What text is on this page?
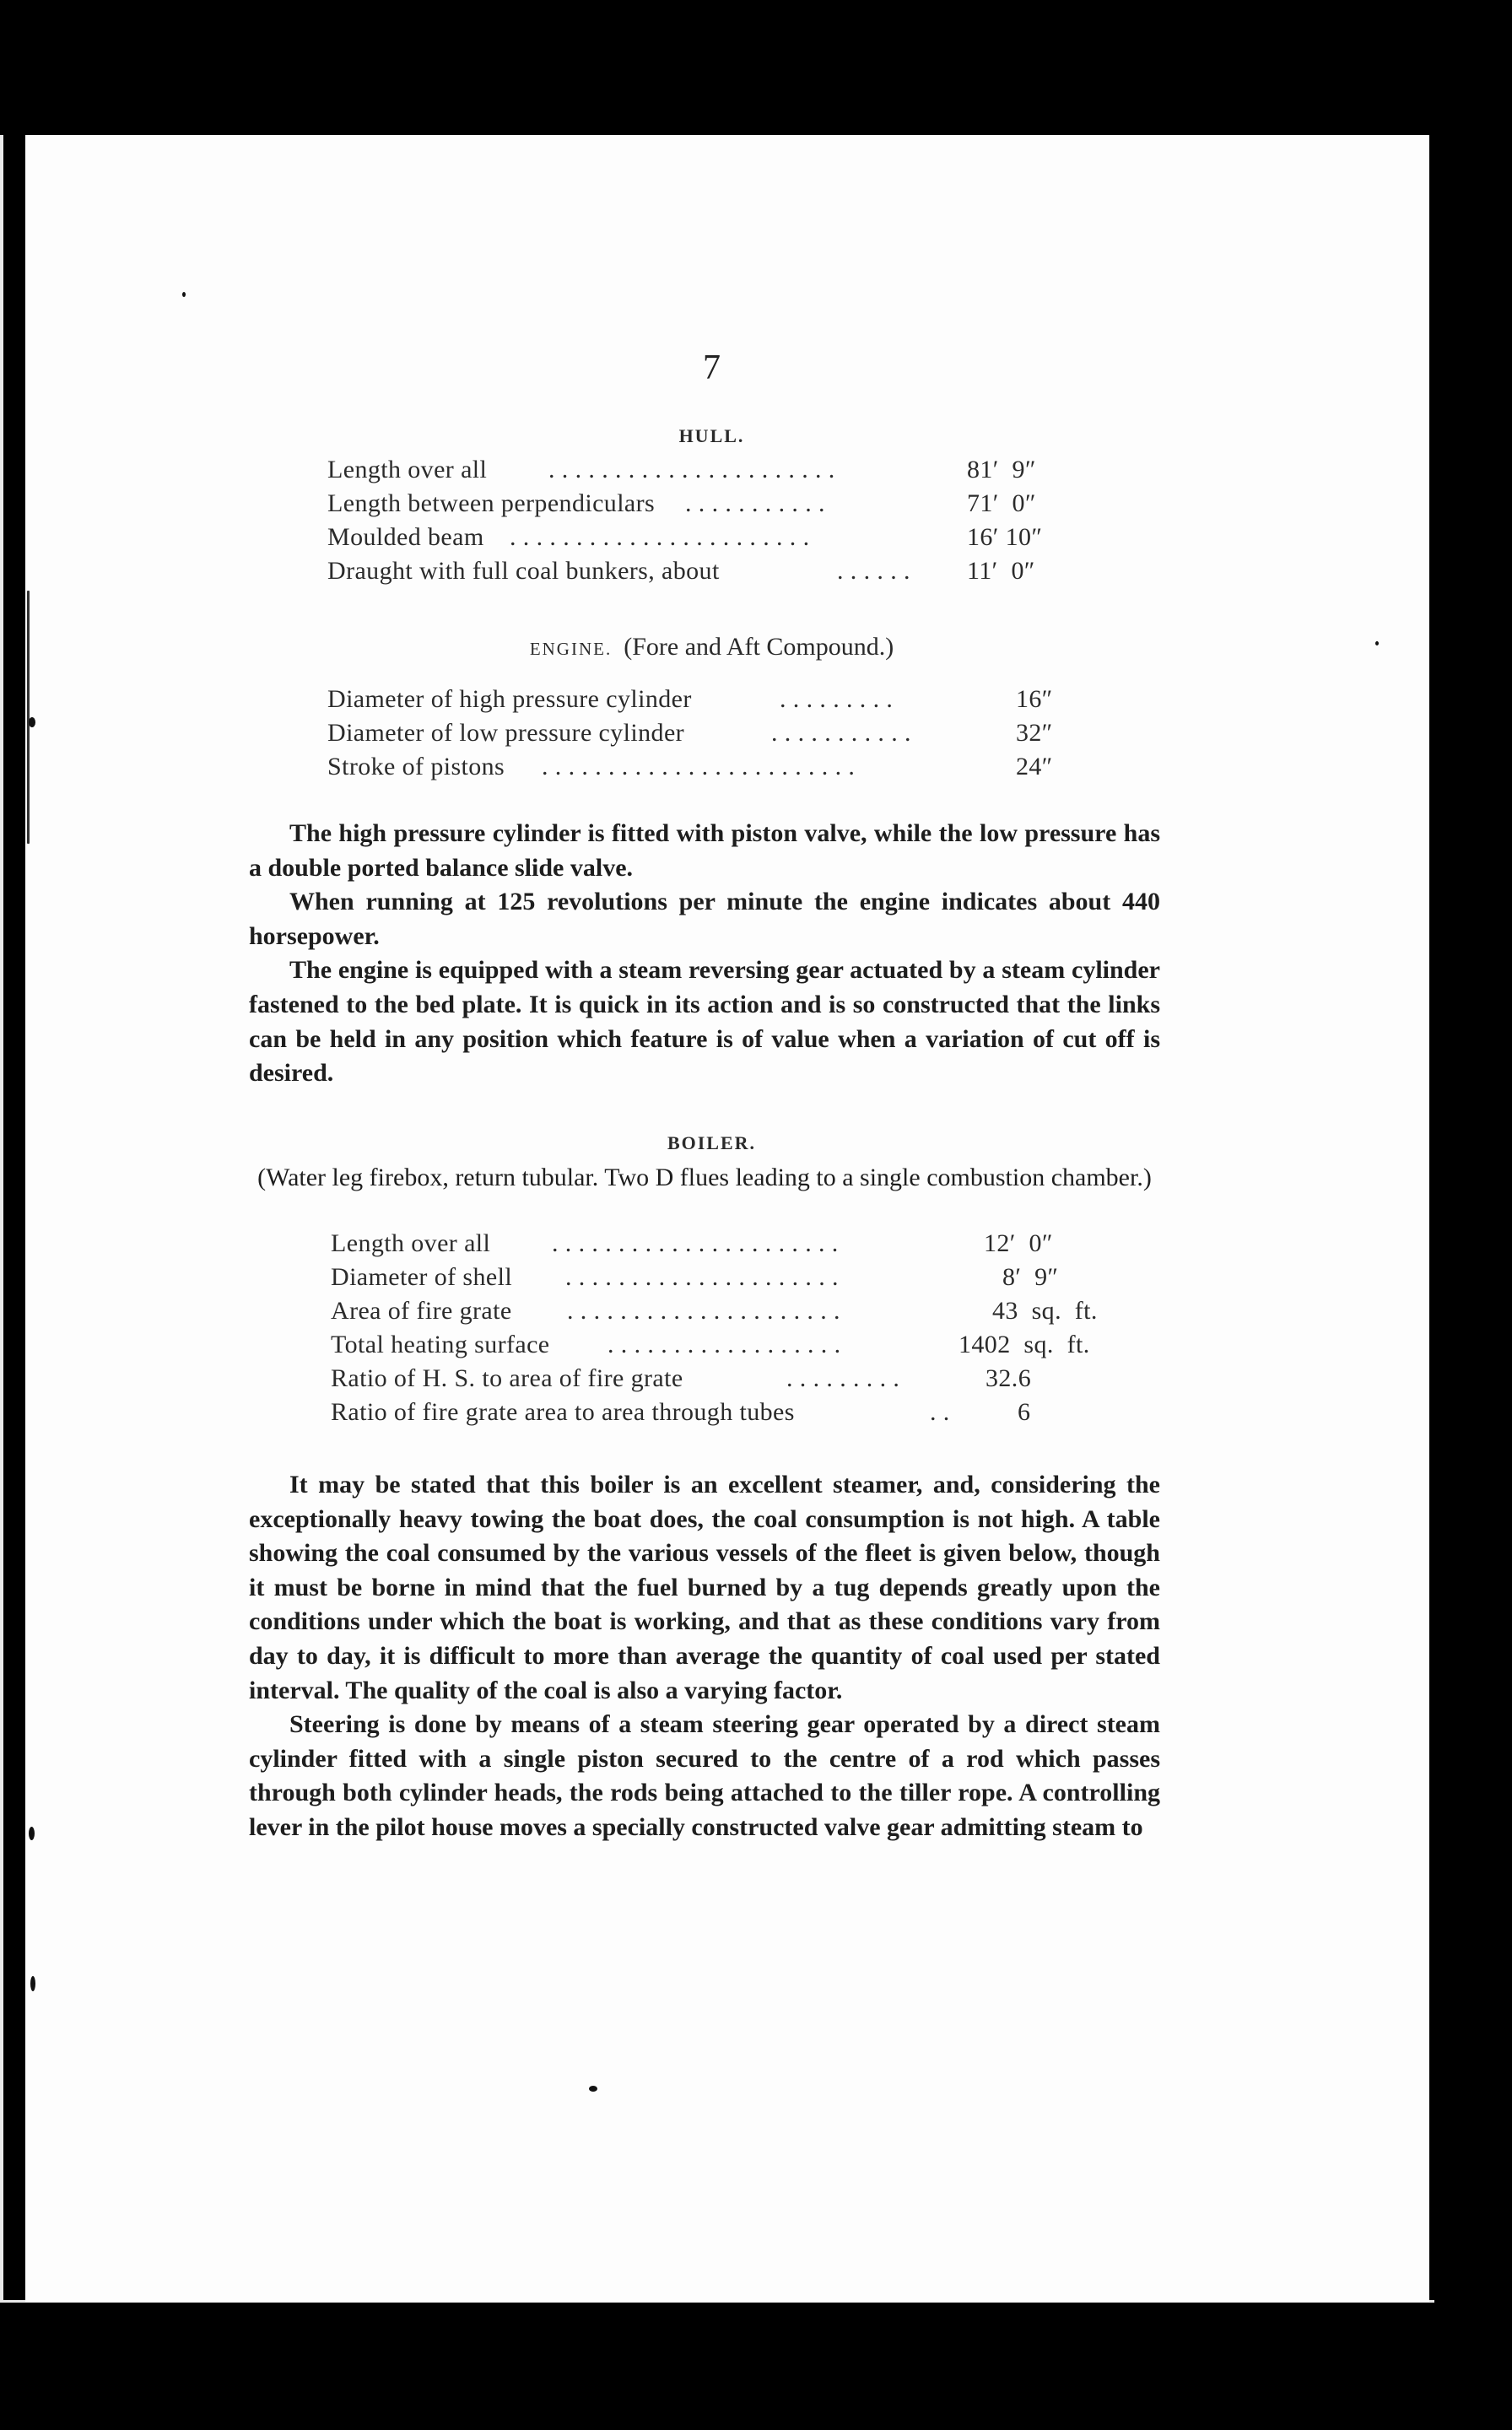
7
HULL.
Length over all . . . . . . . . . . . . . . . . . . . . . .	81′  9″
Length between perpendiculars . . . . . . . . . . .	71′  0″
Moulded beam . . . . . . . . . . . . . . . . . . . . . . .	16′ 10″
Draught with full coal bunkers, about	. . . . . . 11′  0″
ENGINE. (Fore and Aft Compound.)
Diameter of high pressure cylinder	. . . . . . . . .	16″
Diameter of low pressure cylinder	. . . . . . . . . . .	32″
Stroke of pistons . . . . . . . . . . . . . . . . . . . . . . . .	24″

The high pressure cylinder is fitted with piston valve, while the low pressure has a double ported balance slide valve.

When running at 125 revolutions per minute the engine indicates about 440 horsepower.

The engine is equipped with a steam reversing gear actuated by a steam cylinder fastened to the bed plate. It is quick in its action and is so constructed that the links can be held in any position which feature is of value when a variation of cut off is desired.

BOILER.
(Water leg firebox, return tubular. Two D flues leading to a single combustion chamber.)
Length over all . . . . . . . . . . . . . . . . . . . . . .	12′  0″
Diameter of shell . . . . . . . . . . . . . . . . . . . . .	8′  9″
Area of fire grate . . . . . . . . . . . . . . . . . . . . .	43  sq.  ft.
Total heating surface . . . . . . . . . . . . . . . . . .	1402  sq.  ft.
Ratio of H. S. to area of fire grate	. . . . . . . . .	32.6
Ratio of fire grate area to area through tubes	. .	6

It may be stated that this boiler is an excellent steamer, and, considering the exceptionally heavy towing the boat does, the coal consumption is not high. A table showing the coal consumed by the various vessels of the fleet is given below, though it must be borne in mind that the fuel burned by a tug depends greatly upon the conditions under which the boat is working, and that as these conditions vary from day to day, it is difficult to more than average the quantity of coal used per stated interval. The quality of the coal is also a varying factor.

Steering is done by means of a steam steering gear operated by a direct steam cylinder fitted with a single piston secured to the centre of a rod which passes through both cylinder heads, the rods being attached to the tiller rope. A controlling lever in the pilot house moves a specially constructed valve gear admitting steam to
